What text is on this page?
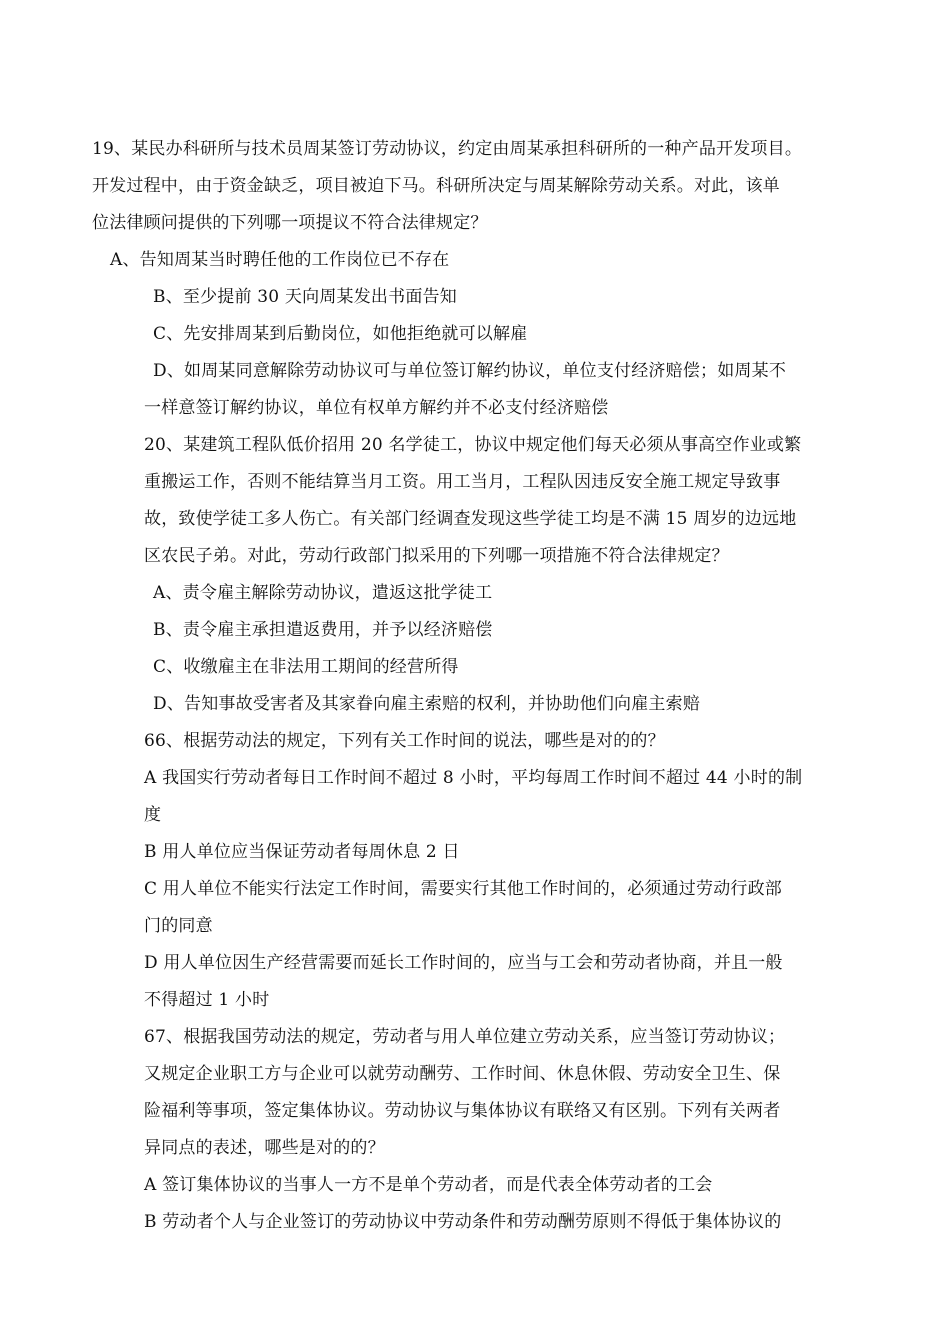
19、某民办科研所与技术员周某签订劳动协议，约定由周某承担科研所的一种产品开发项目。
开发过程中，由于资金缺乏，项目被迫下马。科研所决定与周某解除劳动关系。对此，该单
位法律顾问提供的下列哪一项提议不符合法律规定？
A、告知周某当时聘任他的工作岗位已不存在
B、至少提前 30 天向周某发出书面告知
C、先安排周某到后勤岗位，如他拒绝就可以解雇
D、如周某同意解除劳动协议可与单位签订解约协议，单位支付经济赔偿；如周某不
一样意签订解约协议，单位有权单方解约并不必支付经济赔偿
20、某建筑工程队低价招用 20 名学徒工，协议中规定他们每天必须从事高空作业或繁
重搬运工作，否则不能结算当月工资。用工当月，工程队因违反安全施工规定导致事
故，致使学徒工多人伤亡。有关部门经调查发现这些学徒工均是不满 15 周岁的边远地
区农民子弟。对此，劳动行政部门拟采用的下列哪一项措施不符合法律规定？
A、责令雇主解除劳动协议，遣返这批学徒工
B、责令雇主承担遣返费用，并予以经济赔偿
C、收缴雇主在非法用工期间的经营所得
D、告知事故受害者及其家眷向雇主索赔的权利，并协助他们向雇主索赔
66、根据劳动法的规定，下列有关工作时间的说法，哪些是对的的？
A 我国实行劳动者每日工作时间不超过 8 小时，平均每周工作时间不超过 44 小时的制
度
B 用人单位应当保证劳动者每周休息 2 日
C 用人单位不能实行法定工作时间，需要实行其他工作时间的，必须通过劳动行政部
门的同意
D 用人单位因生产经营需要而延长工作时间的，应当与工会和劳动者协商，并且一般
不得超过 1 小时
67、根据我国劳动法的规定，劳动者与用人单位建立劳动关系，应当签订劳动协议；
又规定企业职工方与企业可以就劳动酬劳、工作时间、休息休假、劳动安全卫生、保
险福利等事项，签定集体协议。劳动协议与集体协议有联络又有区别。下列有关两者
异同点的表述，哪些是对的的？
A 签订集体协议的当事人一方不是单个劳动者，而是代表全体劳动者的工会
B 劳动者个人与企业签订的劳动协议中劳动条件和劳动酬劳原则不得低于集体协议的
